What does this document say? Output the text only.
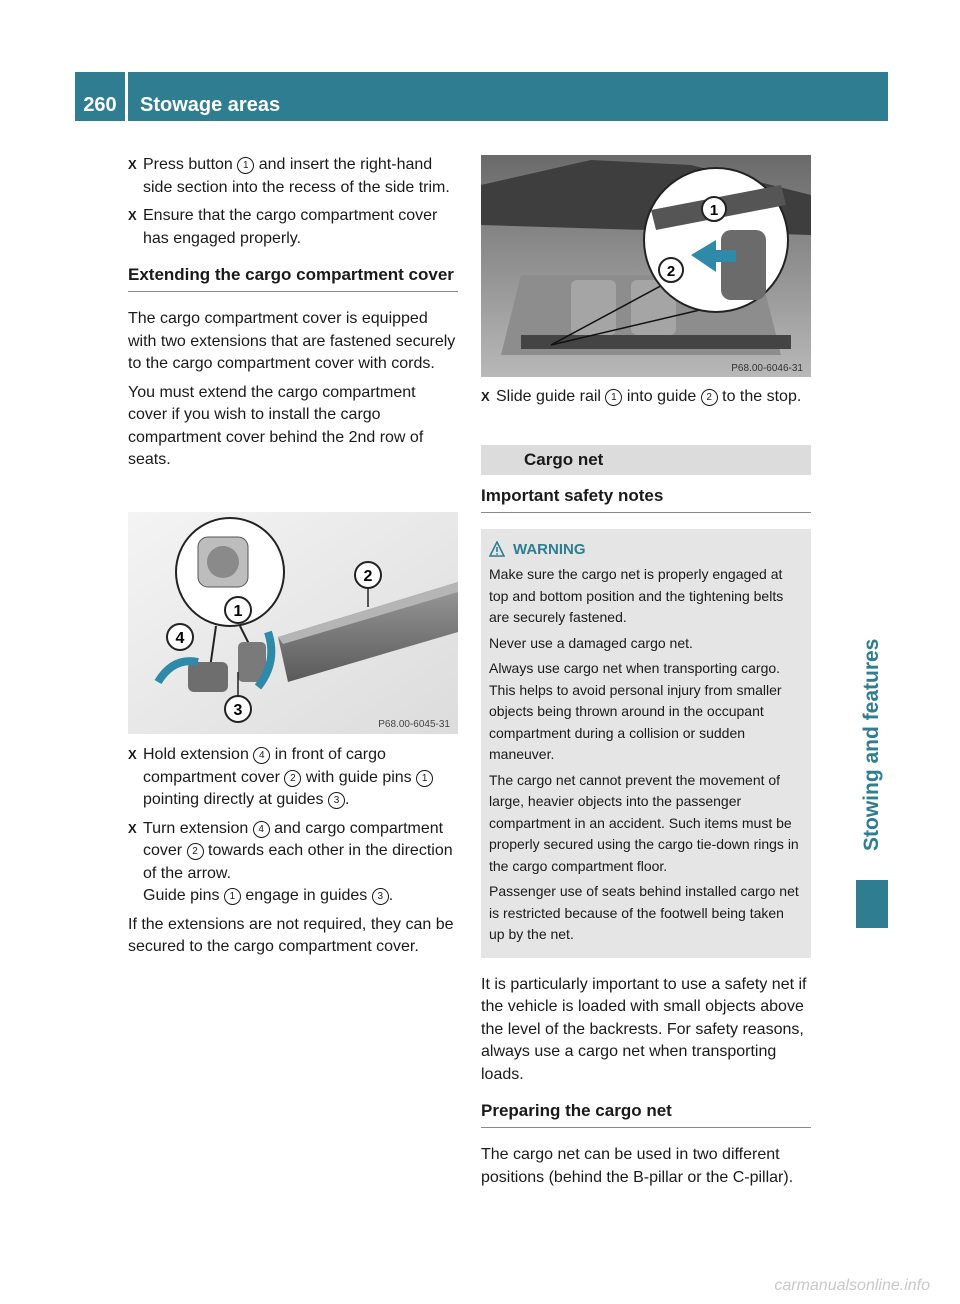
260	Stowage areas
Stowing and features
X Press button 1 and insert the right-hand side section into the recess of the side trim.
X Ensure that the cargo compartment cover has engaged properly.
Extending the cargo compartment cover

The cargo compartment cover is equipped with two extensions that are fastened securely to the cargo compartment cover with cords.

You must extend the cargo compartment cover if you wish to install the cargo compartment cover behind the 2nd row of seats.

2
1
4
3
P68.00-6045-31
X Hold extension 4 in front of cargo compartment cover 2 with guide pins 1 pointing directly at guides 3 .
X Turn extension 4 and cargo compartment cover 2 towards each other in the direction of the arrow.
Guide pins 1 engage in guides 3 .

If the extensions are not required, they can be secured to the cargo compartment cover.

1
2
P68.00-6046-31
X Slide guide rail 1 into guide 2 to the stop.
Cargo net
Important safety notes
WARNING

Make sure the cargo net is properly engaged at top and bottom position and the tightening belts are securely fastened.

Never use a damaged cargo net.

Always use cargo net when transporting cargo. This helps to avoid personal injury from smaller objects being thrown around in the occupant compartment during a collision or sudden maneuver.

The cargo net cannot prevent the movement of large, heavier objects into the passenger compartment in an accident. Such items must be properly secured using the cargo tie-down rings in the cargo compartment floor.

Passenger use of seats behind installed cargo net is restricted because of the footwell being taken up by the net.

It is particularly important to use a safety net if the vehicle is loaded with small objects above the level of the backrests. For safety reasons, always use a cargo net when transporting loads.

Preparing the cargo net

The cargo net can be used in two different positions (behind the B-pillar or the C-pillar).

carmanualsonline.info
